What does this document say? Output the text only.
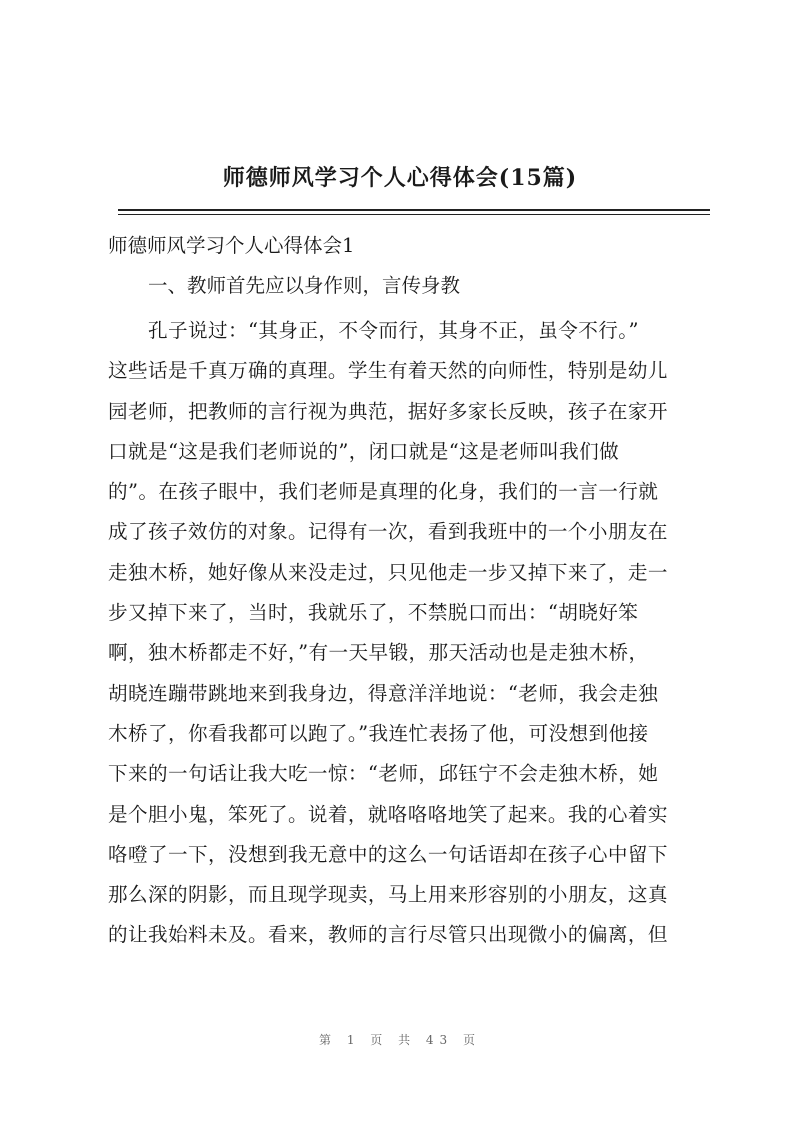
师德师风学习个人心得体会(15篇)
师德师风学习个人心得体会1
一、教师首先应以身作则，言传身教
孔子说过：“其身正，不令而行，其身不正，虽令不行。”
这些话是千真万确的真理。学生有着天然的向师性，特别是幼儿
园老师，把教师的言行视为典范，据好多家长反映，孩子在家开
口就是“这是我们老师说的”，闭口就是“这是老师叫我们做
的”。在孩子眼中，我们老师是真理的化身，我们的一言一行就
成了孩子效仿的对象。记得有一次，看到我班中的一个小朋友在
走独木桥，她好像从来没走过，只见他走一步又掉下来了，走一
步又掉下来了，当时，我就乐了，不禁脱口而出：“胡晓好笨
啊，独木桥都走不好，”有一天早锻，那天活动也是走独木桥，
胡晓连蹦带跳地来到我身边，得意洋洋地说：“老师，我会走独
木桥了，你看我都可以跑了。”我连忙表扬了他，可没想到他接
下来的一句话让我大吃一惊：“老师，邱钰宁不会走独木桥，她
是个胆小鬼，笨死了。说着，就咯咯咯地笑了起来。我的心着实
咯噔了一下，没想到我无意中的这么一句话语却在孩子心中留下
那么深的阴影，而且现学现卖，马上用来形容别的小朋友，这真
的让我始料未及。看来，教师的言行尽管只出现微小的偏离，但
第 1 页 共 43 页
